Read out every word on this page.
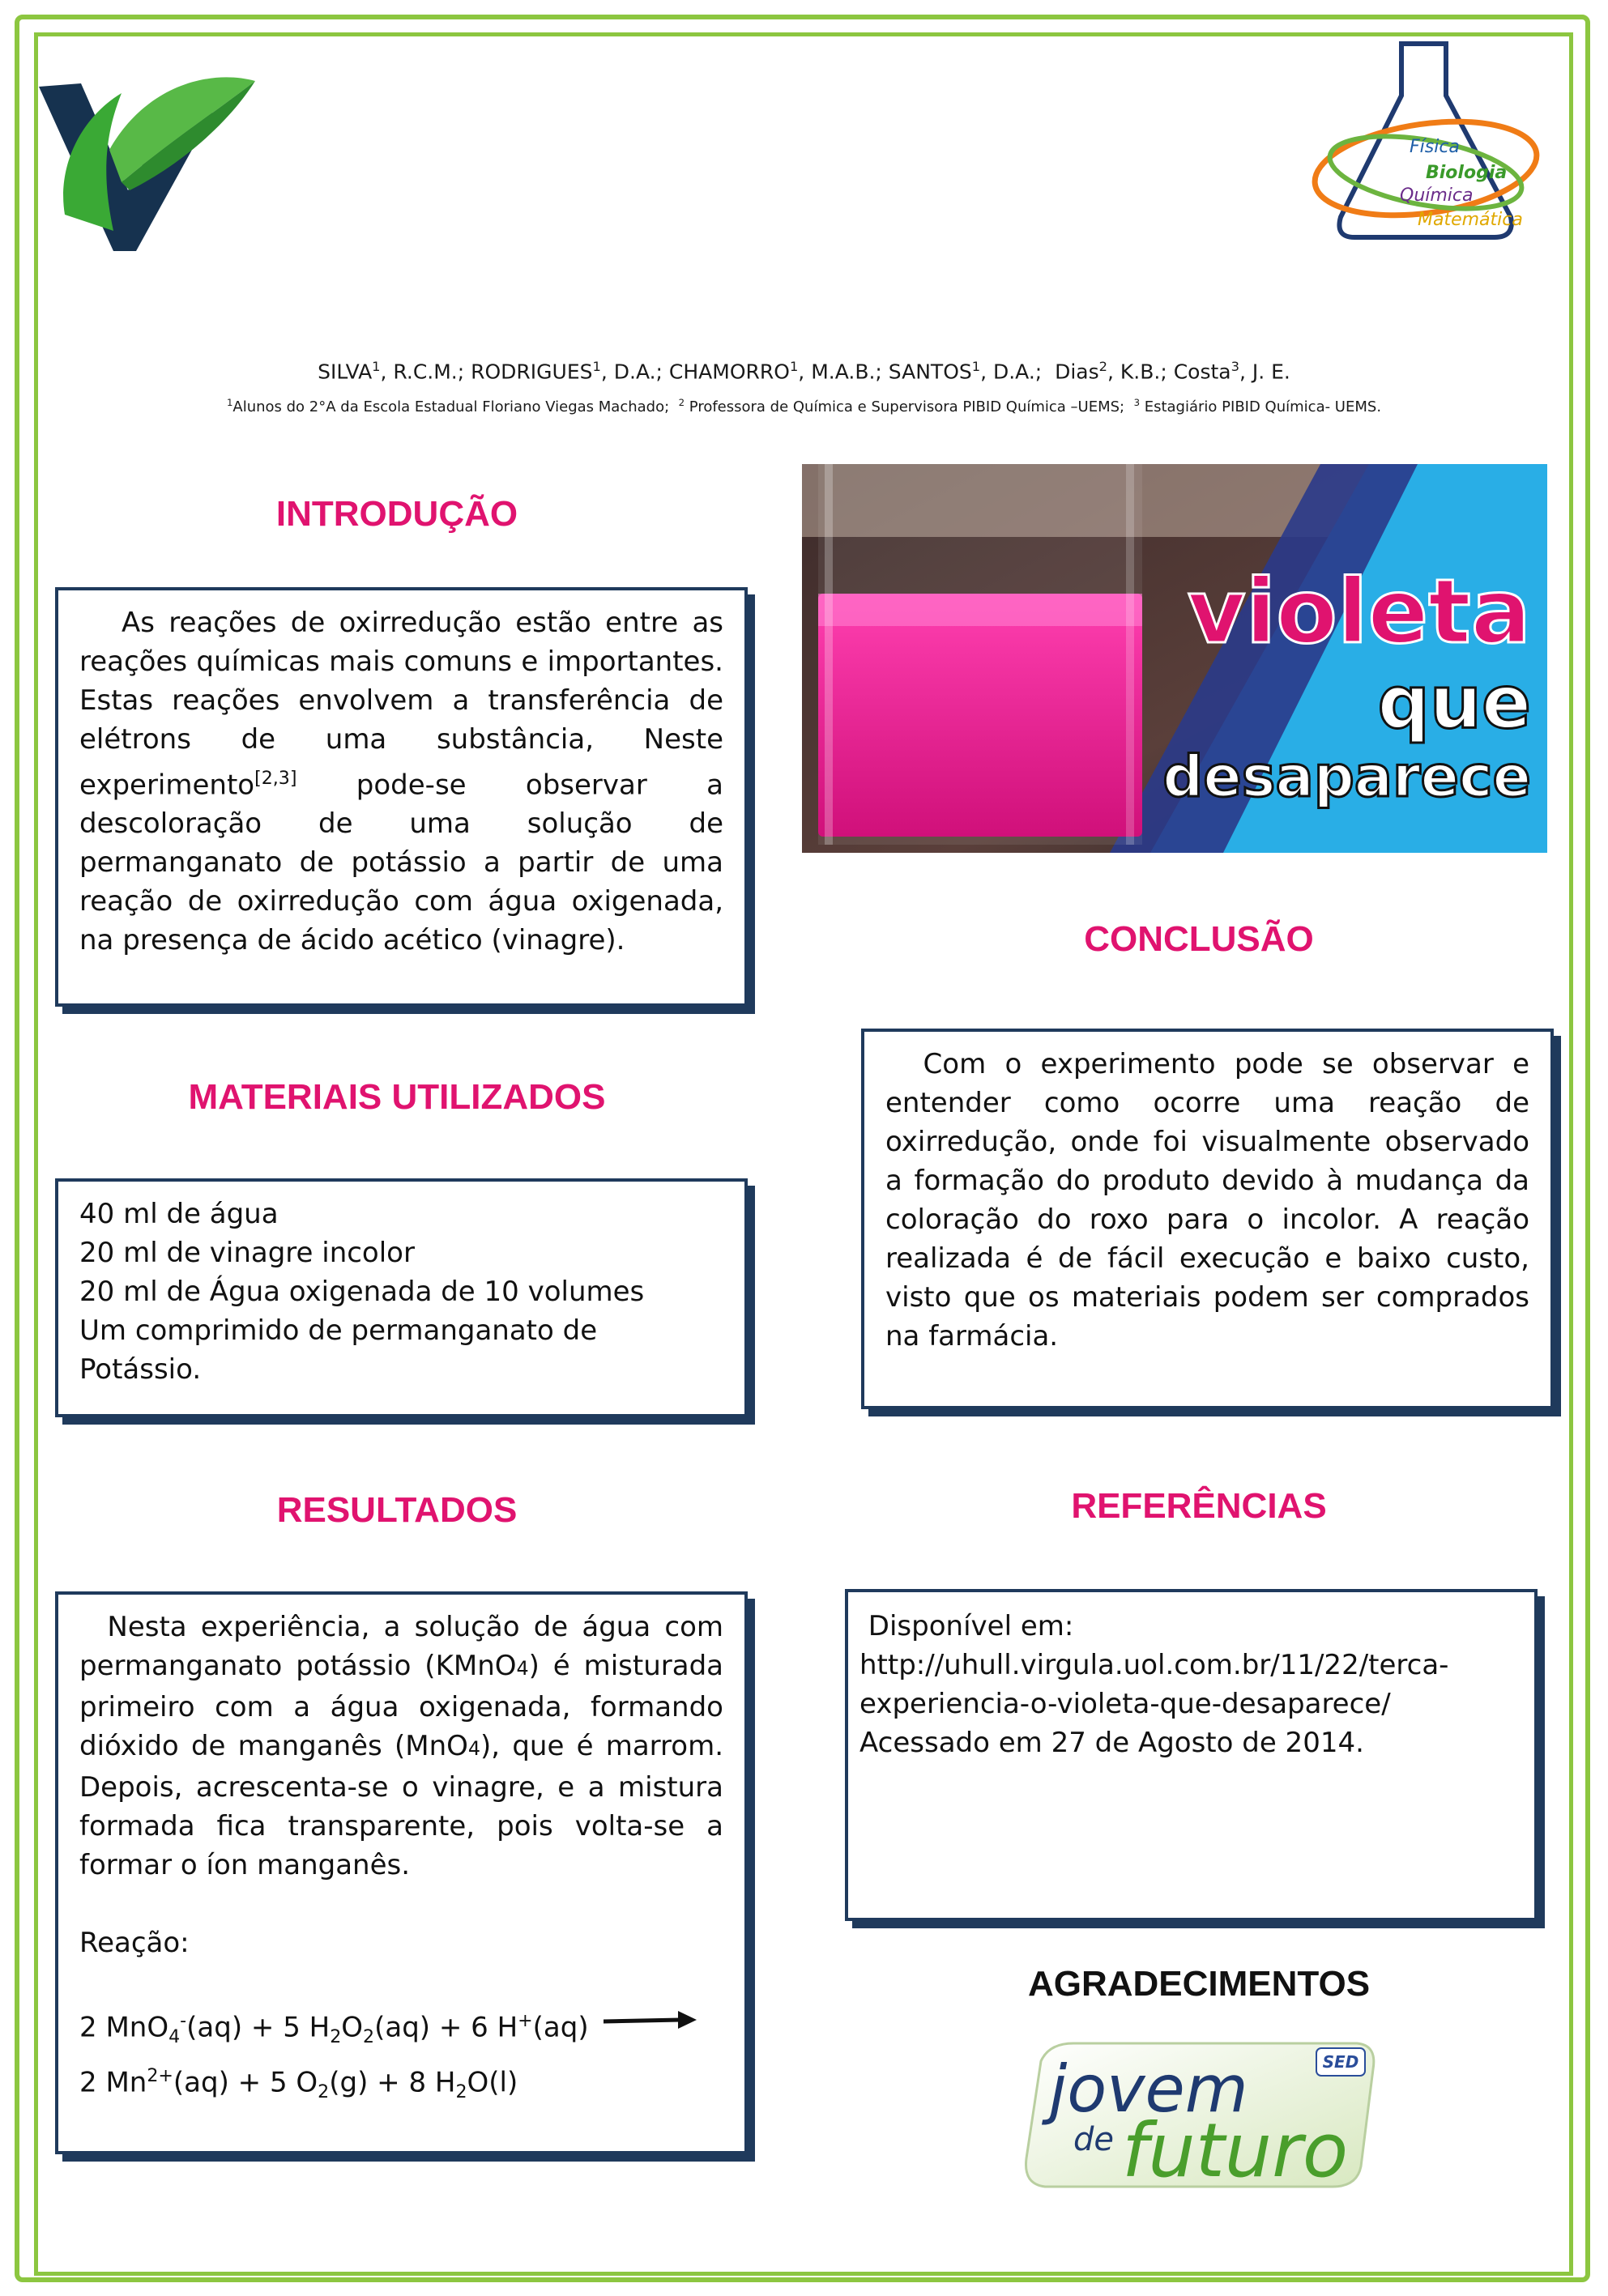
Física
Biologia
Química
Matemática
SILVA$^1$, R.C.M.; RODRIGUES$^1$, D.A.; CHAMORRO$^1$, M.A.B.; SANTOS$^1$, D.A.;  Dias$^2$, K.B.; Costa$^3$, J. E.
$^1$Alunos do 2°A da Escola Estadual Floriano Viegas Machado;  $^2$ Professora de Química e Supervisora PIBID Química –UEMS;  $^3$ Estagiário PIBID Química- UEMS.
INTRODUÇÃO
As reações de oxirredução estão entre as reações químicas mais comuns e importantes. Estas reações envolvem a transferência de elétrons de uma substância, Neste experimento[2,3] pode-se observar a descoloração de uma solução de permanganato de potássio a partir de uma reação de oxirredução com água oxigenada, na presença de ácido acético (vinagre).
violeta
que
desaparece
CONCLUSÃO
Com o experimento pode se observar e entender como ocorre uma reação de oxirredução, onde foi visualmente observado a formação do produto devido à mudança da coloração do roxo para o incolor. A reação realizada é de fácil execução e baixo custo, visto que os materiais podem ser comprados na farmácia.
MATERIAIS UTILIZADOS
40 ml de água
20 ml de vinagre incolor
20 ml de Água oxigenada de 10 volumes
Um comprimido de permanganato de Potássio.
RESULTADOS
Nesta experiência, a solução de água com permanganato potássio (KMnO4) é misturada primeiro com a água oxigenada, formando dióxido de manganês (MnO4), que é marrom. Depois, acrescenta-se o vinagre, e a mistura formada fica transparente, pois volta-se a formar o íon manganês.
Reação:
2 MnO$_4$-(aq) + 5 $H_2O_2(aq) + 6$ H+(aq)
2 $Mn^{2+}(aq) + 5$ $O_2(g) + 8$ $H_2O(l)$
REFERÊNCIAS
Disponível em:
http://uhull.virgula.uol.com.br/11/22/terca-
experiencia-o-violeta-que-desaparece/
Acessado em 27 de Agosto de 2014.
AGRADECIMENTOS
SED
jovem
de futuro
